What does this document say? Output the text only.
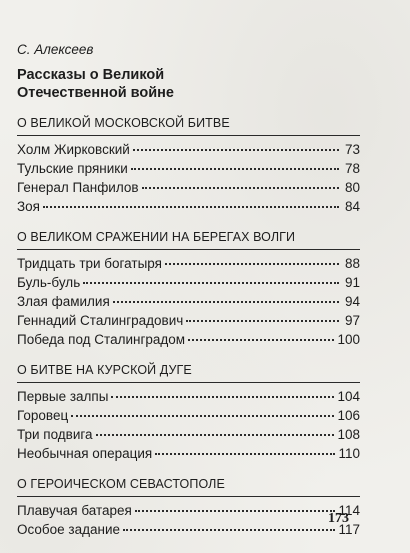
С. Алексеев
Рассказы о Великой
Отечественной войне
О ВЕЛИКОЙ МОСКОВСКОЙ БИТВЕ
Холм Жирковский	73
Тульские пряники	78
Генерал Панфилов	80
Зоя	84
О ВЕЛИКОМ СРАЖЕНИИ НА БЕРЕГАХ ВОЛГИ
Тридцать три богатыря	88
Буль-буль	91
Злая фамилия	94
Геннадий Сталинградович	97
Победа под Сталинградом	100
О БИТВЕ НА КУРСКОЙ ДУГЕ
Первые залпы	104
Горовец	106
Три подвига	108
Необычная операция	110
О ГЕРОИЧЕСКОМ СЕВАСТОПОЛЕ
Плавучая батарея	114
Особое задание	117
173
